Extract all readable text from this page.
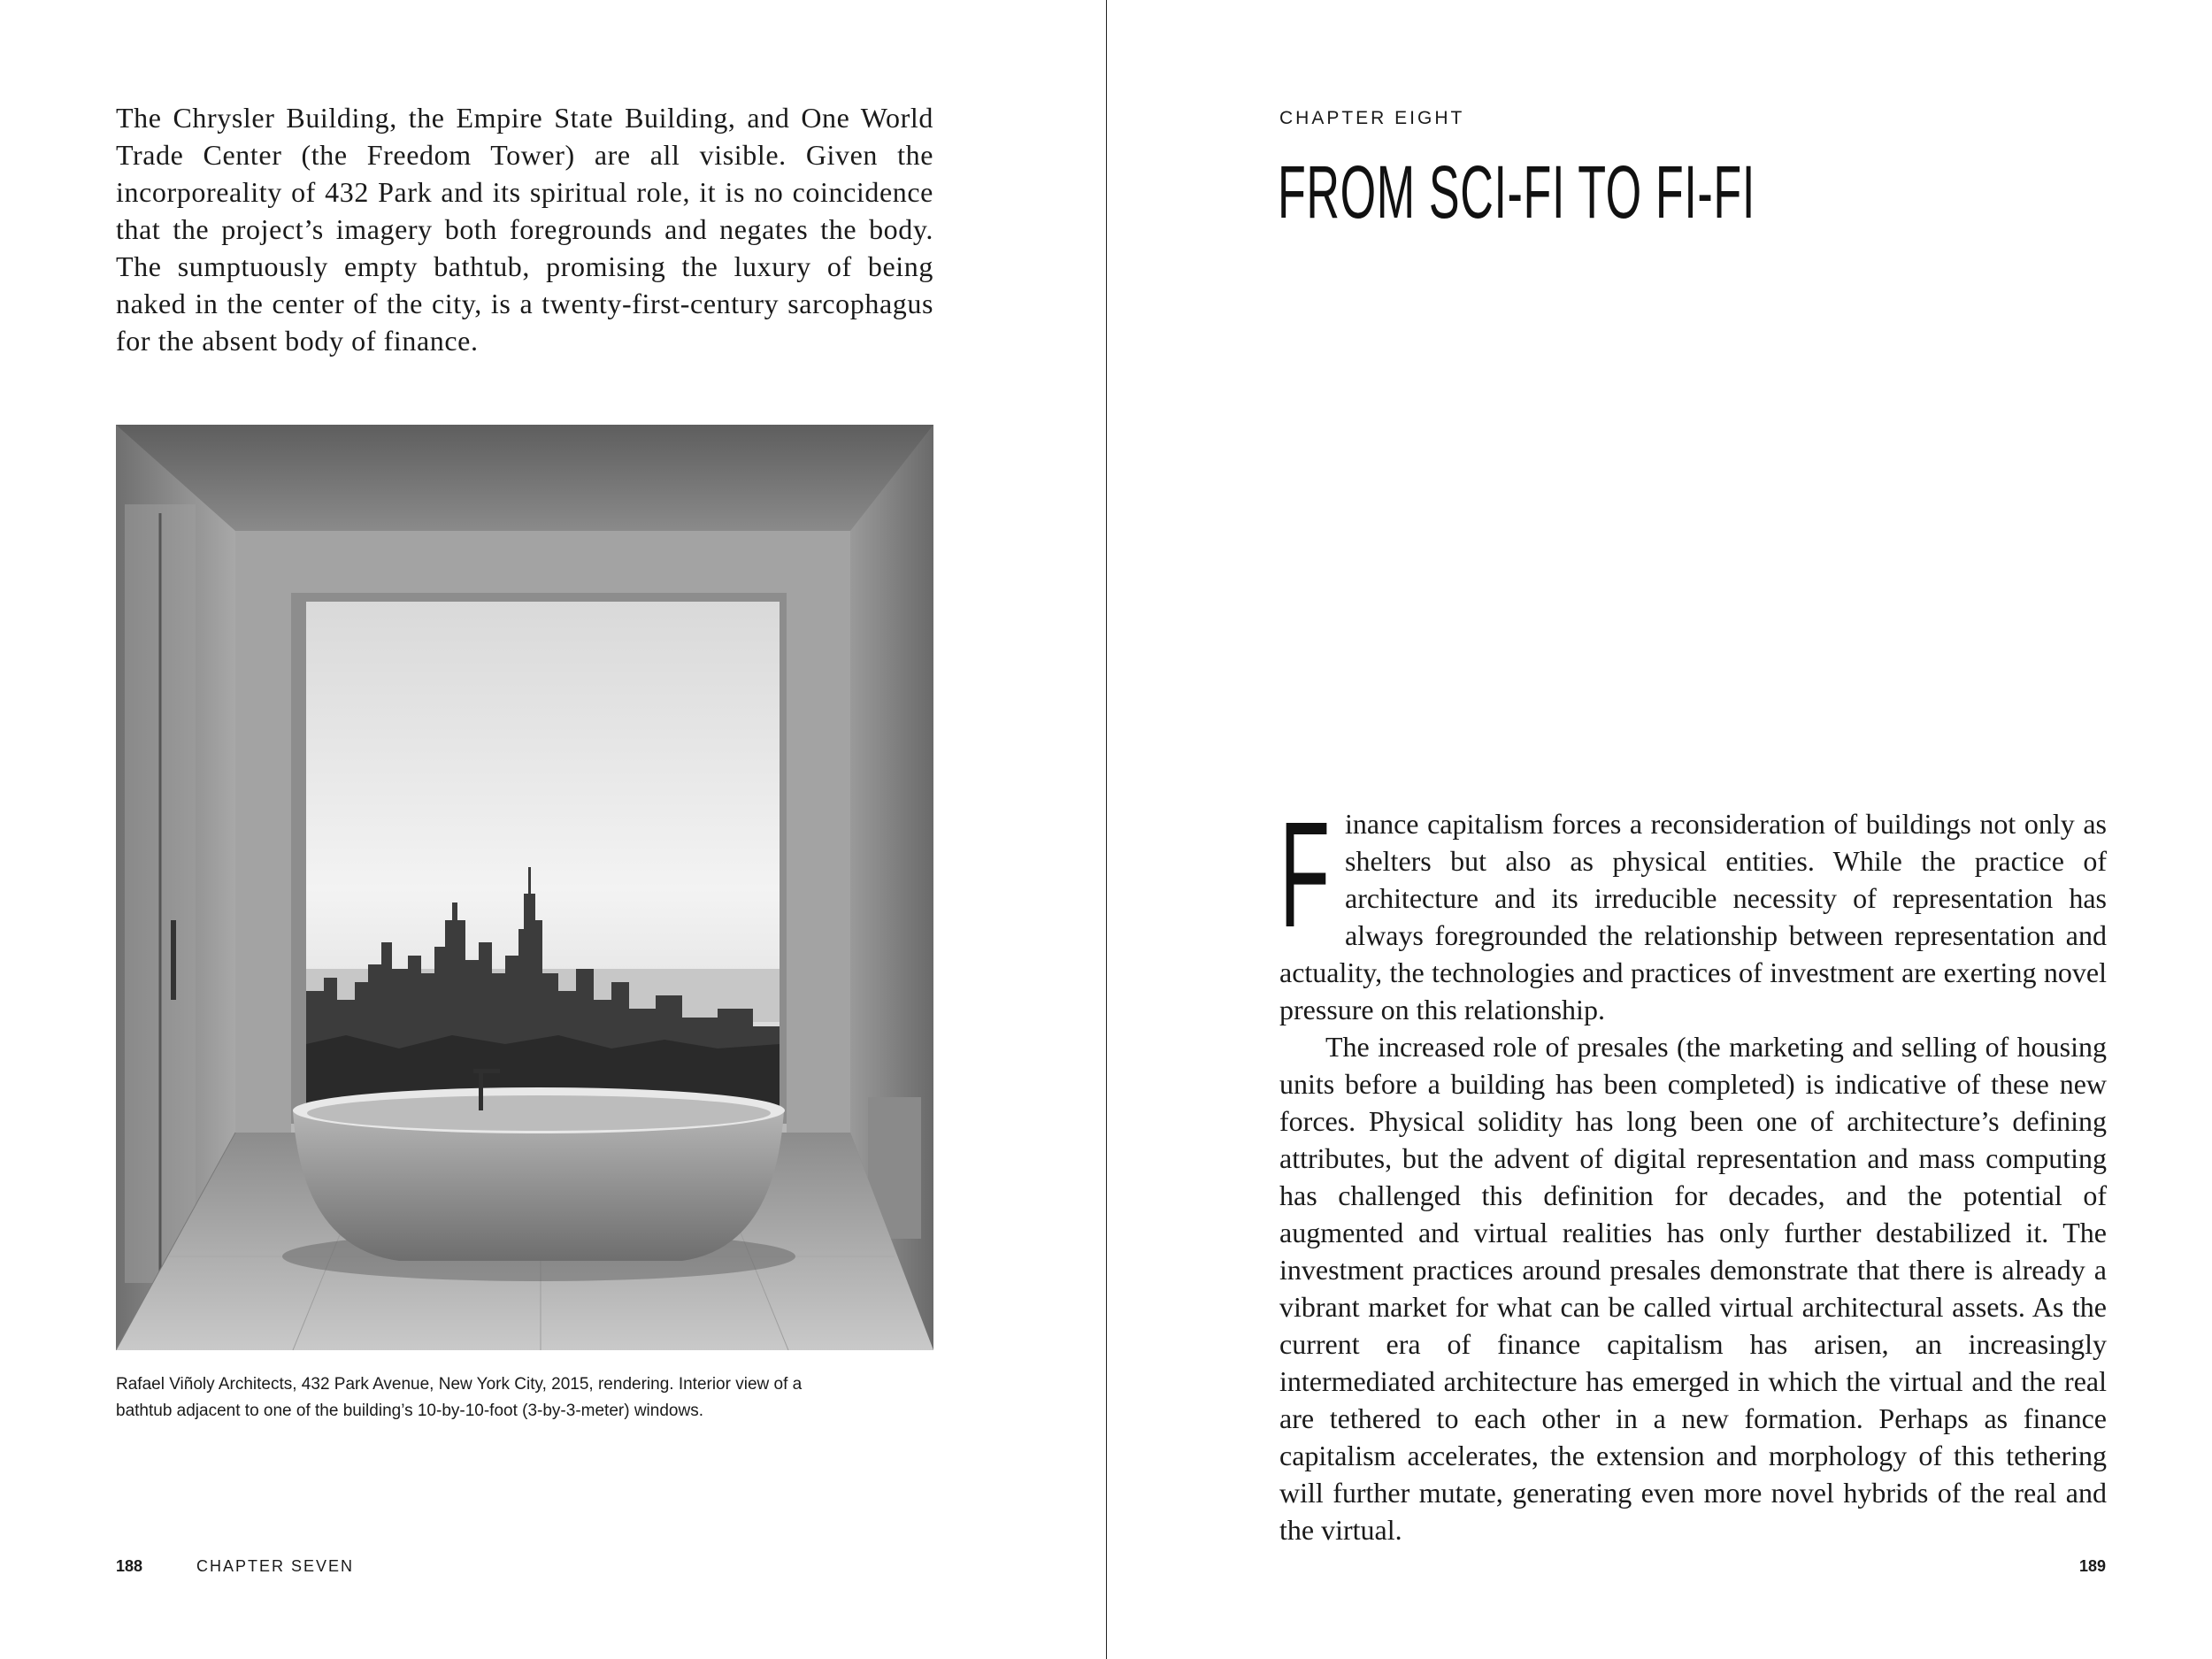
The Chrysler Building, the Empire State Building, and One World Trade Center (the Freedom Tower) are all visible. Given the incorporeality of 432 Park and its spiritual role, it is no coincidence that the project’s imagery both foregrounds and negates the body. The sumptuously empty bathtub, promising the luxury of being naked in the center of the city, is a twenty-first-century sarcophagus for the absent body of finance.

Rafael Viñoly Architects, 432 Park Avenue, New York City, 2015, rendering. Interior view of a bathtub adjacent to one of the building’s 10-by-10-foot (3-by-3-meter) windows.

188	CHAPTER SEVEN
CHAPTER EIGHT
FROM SCI-FI TO FI-FI
F inance capitalism forces a reconsideration of buildings not only as shelters but also as physical entities. While the practice of architecture and its irreducible necessity of representation has always foregrounded the relationship between representation and actuality, the technologies and practices of investment are exerting novel pressure on this relationship.

The increased role of presales (the marketing and selling of housing units before a building has been completed) is indicative of these new forces. Physical solidity has long been one of architecture’s defining attributes, but the advent of digital representation and mass computing has challenged this definition for decades, and the potential of augmented and virtual realities has only further destabilized it. The investment practices around presales demonstrate that there is already a vibrant market for what can be called virtual architectural assets. As the current era of finance capitalism has arisen, an increasingly intermediated architecture has emerged in which the virtual and the real are tethered to each other in a new formation. Perhaps as finance capitalism accelerates, the extension and morphology of this tethering will further mutate, generating even more novel hybrids of the real and the virtual.

189
